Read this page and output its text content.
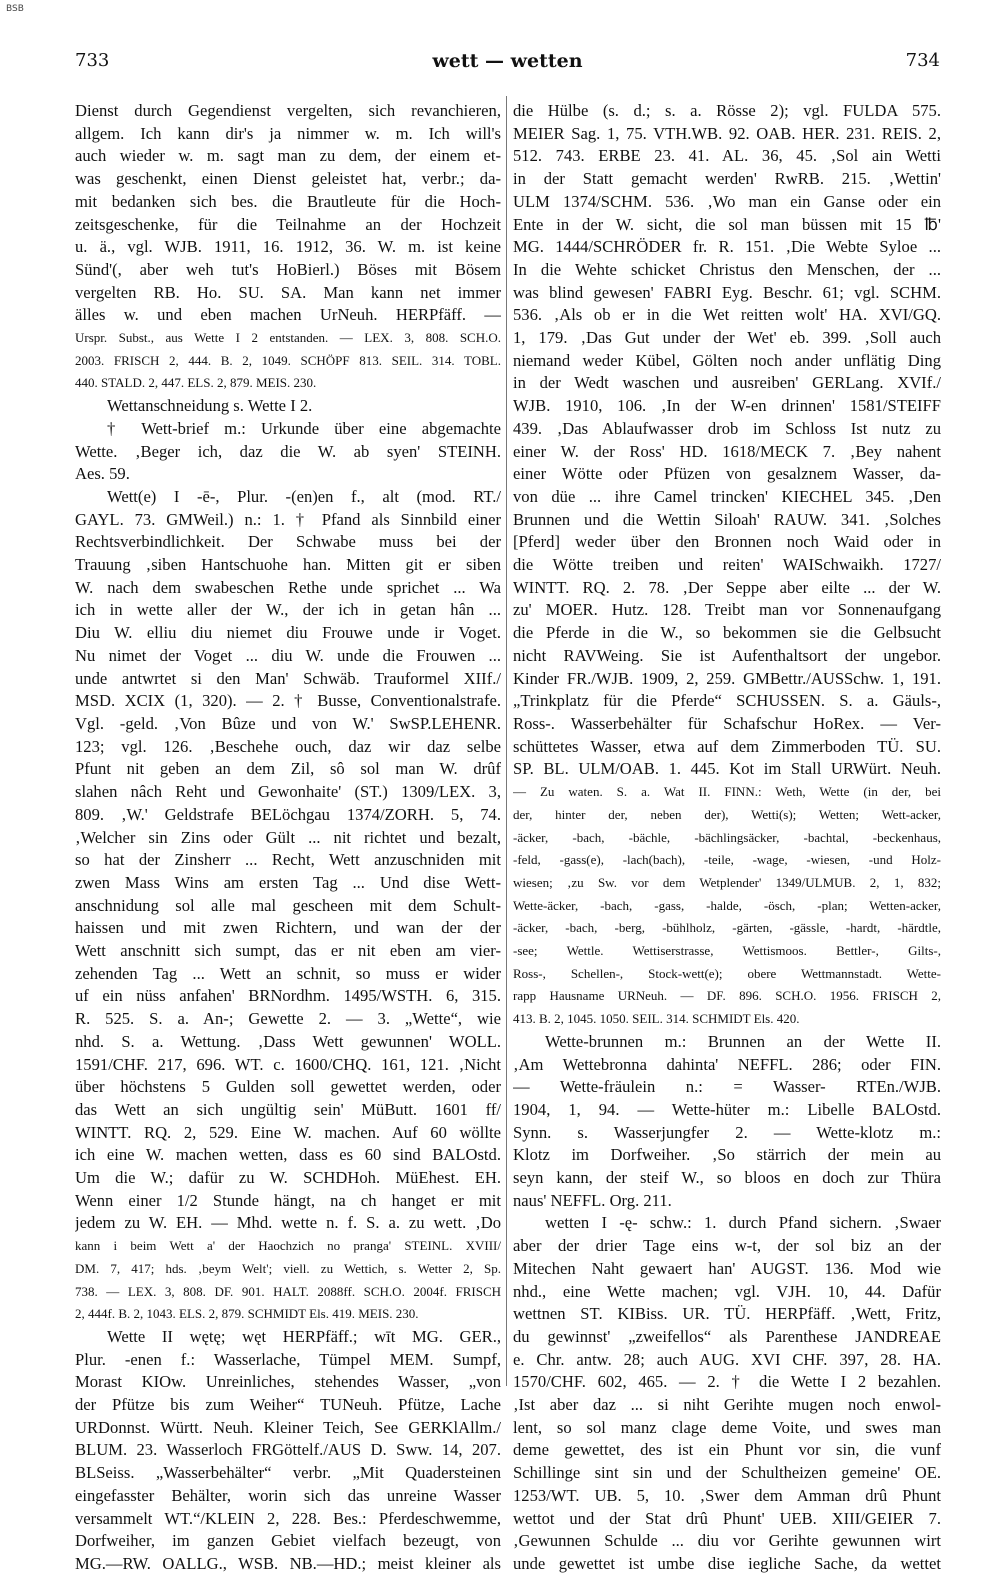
BSB
733	wett — wetten	734
Dienst durch Gegendienst vergelten, sich revanchieren,
allgem. Ich kann dir's ja nimmer w. m. Ich will's
auch wieder w. m. sagt man zu dem, der einem et-
was geschenkt, einen Dienst geleistet hat, verbr.; da-
mit bedanken sich bes. die Brautleute für die Hoch-
zeitsgeschenke, für die Teilnahme an der Hochzeit
u. ä., vgl. WJB. 1911, 16. 1912, 36. W. m. ist keine
Sünd'(, aber weh tut's HoBierl.) Böses mit Bösem
vergelten RB. Ho. SU. SA. Man kann net immer
älles w. und eben machen UrNeuh. HERPfäff. —
Urspr. Subst., aus Wette I 2 entstanden. — LEX. 3, 808. SCH.O.
2003. FRISCH 2, 444. B. 2, 1049. SCHÖPF 813. SEIL. 314. TOBL.
440. STALD. 2, 447. ELS. 2, 879. MEIS. 230.
Wettanschneidung s. Wette I 2.
† Wett-brief m.: Urkunde über eine abgemachte
Wette. ‚Beger ich, daz die W. ab syen' STEINH.
Aes. 59.
Wett(e) I -ē-, Plur. -(en)en f., alt (mod. RT./
GAYL. 73. GMWeil.) n.: 1. † Pfand als Sinnbild einer
Rechtsverbindlichkeit. Der Schwabe muss bei der
Trauung ‚siben Hantschuohe han. Mitten git er siben
W. nach dem swabeschen Rethe unde sprichet ... Wa
ich in wette aller der W., der ich in getan hân ...
Diu W. elliu diu niemet diu Frouwe unde ir Voget.
Nu nimet der Voget ... diu W. unde die Frouwen ...
unde antwrtet si den Man' Schwäb. Trauformel XIIf./
MSD. XCIX (1, 320). — 2. † Busse, Conventionalstrafe.
Vgl. -geld. ‚Von Bûze und von W.' SwSP.LEHENR.
123; vgl. 126. ‚Beschehe ouch, daz wir daz selbe
Pfunt nit geben an dem Zil, sô sol man W. drûf
slahen nâch Reht und Gewonhaite' (ST.) 1309/LEX. 3,
809. ‚W.' Geldstrafe BELöchgau 1374/ZORH. 5, 74.
‚Welcher sin Zins oder Gült ... nit richtet und bezalt,
so hat der Zinsherr ... Recht, Wett anzuschniden mit
zwen Mass Wins am ersten Tag ... Und dise Wett-
anschnidung sol alle mal gescheen mit dem Schult-
haissen und mit zwen Richtern, und wan der der
Wett anschnitt sich sumpt, das er nit eben am vier-
zehenden Tag ... Wett an schnit, so muss er wider
uf ein nüss anfahen' BRNordhm. 1495/WSTH. 6, 315.
R. 525. S. a. An-; Gewette 2. — 3. „Wette“, wie
nhd. S. a. Wettung. ‚Dass Wett gewunnen' WOLL.
1591/CHF. 217, 696. WT. c. 1600/CHQ. 161, 121. ‚Nicht
über höchstens 5 Gulden soll gewettet werden, oder
das Wett an sich ungültig sein' MüButt. 1601 ff/
WINTT. RQ. 2, 529. Eine W. machen. Auf 60 wöllte
ich eine W. machen wetten, dass es 60 sind BALOstd.
Um die W.; dafür zu W. SCHDHoh. MüEhest. EH.
Wenn einer 1/2 Stunde hängt, na ch hanget er mit
jedem zu W. EH. — Mhd. wette n. f. S. a. zu wett. ‚Do
kann i beim Wett a' der Haochzich no pranga' STEINL. XVIII/
DM. 7, 417; hds. ‚beym Welt'; viell. zu Wettich, s. Wetter 2, Sp.
738. — LEX. 3, 808. DF. 901. HALT. 2088ff. SCH.O. 2004f. FRISCH
2, 444f. B. 2, 1043. ELS. 2, 879. SCHMIDT Els. 419. MEIS. 230.
Wette II wętę; węt HERPfäff.; wīt MG. GER.,
Plur. -enen f.: Wasserlache, Tümpel MEM. Sumpf,
Morast KIOw. Unreinliches, stehendes Wasser, „von
der Pfütze bis zum Weiher“ TUNeuh. Pfütze, Lache
URDonnst. Württ. Neuh. Kleiner Teich, See GERKlAllm./
BLUM. 23. Wasserloch FRGöttelf./AUS D. Sww. 14, 207.
BLSeiss. „Wasserbehälter“ verbr. „Mit Quadersteinen
eingefasster Behälter, worin sich das unreine Wasser
versammelt WT.“/KLEIN 2, 228. Bes.: Pferdeschwemme,
Dorfweiher, im ganzen Gebiet vielfach bezeugt, von
MG.—RW. OALLG., WSB. NB.—HD.; meist kleiner als
die Hülbe (s. d.; s. a. Rösse 2); vgl. FULDA 575.
MEIER Sag. 1, 75. VTH.WB. 92. OAB. HER. 231. REIS. 2,
512. 743. ERBE 23. 41. AL. 36, 45. ‚Sol ain Wetti
in der Statt gemacht werden' RwRB. 215. ‚Wettin'
ULM 1374/SCHM. 536. ‚Wo man ein Ganse oder ein
Ente in der W. sicht, die sol man büssen mit 15 ℔'
MG. 1444/SCHRÖDER fr. R. 151. ‚Die Webte Syloe ...
In die Wehte schicket Christus den Menschen, der ...
was blind gewesen' FABRI Eyg. Beschr. 61; vgl. SCHM.
536. ‚Als ob er in die Wet reitten wolt' HA. XVI/GQ.
1, 179. ‚Das Gut under der Wet' eb. 399. ‚Soll auch
niemand weder Kübel, Gölten noch ander unflätig Ding
in der Wedt waschen und ausreiben' GERLang. XVIf./
WJB. 1910, 106. ‚In der W-en drinnen' 1581/STEIFF
439. ‚Das Ablaufwasser drob im Schloss Ist nutz zu
einer W. der Ross' HD. 1618/MECK 7. ‚Bey nahent
einer Wötte oder Pfüzen von gesalznem Wasser, da-
von düe ... ihre Camel trincken' KIECHEL 345. ‚Den
Brunnen und die Wettin Siloah' RAUW. 341. ‚Solches
[Pferd] weder über den Bronnen noch Waid oder in
die Wötte treiben und reiten' WAISchwaikh. 1727/
WINTT. RQ. 2. 78. ‚Der Seppe aber eilte ... der W.
zu' MOER. Hutz. 128. Treibt man vor Sonnenaufgang
die Pferde in die W., so bekommen sie die Gelbsucht
nicht RAVWeing. Sie ist Aufenthaltsort der ungebor.
Kinder FR./WJB. 1909, 2, 259. GMBettr./AUSSchw. 1, 191.
„Trinkplatz für die Pferde“ SCHUSSEN. S. a. Gäuls-,
Ross-. Wasserbehälter für Schafschur HoRex. — Ver-
schüttetes Wasser, etwa auf dem Zimmerboden TÜ. SU.
SP. BL. ULM/OAB. 1. 445. Kot im Stall URWürt. Neuh.
— Zu waten. S. a. Wat II. FINN.: Weth, Wette (in der, bei
der, hinter der, neben der), Wetti(s); Wetten; Wett-acker,
-äcker, -bach, -bächle, -bächlingsäcker, -bachtal, -beckenhaus,
-feld, -gass(e), -lach(bach), -teile, -wage, -wiesen, -und Holz-
wiesen; ‚zu Sw. vor dem Wetplender' 1349/ULMUB. 2, 1, 832;
Wette-äcker, -bach, -gass, -halde, -ösch, -plan; Wetten-acker,
-äcker, -bach, -berg, -bühlholz, -gärten, -gässle, -hardt, -härdtle,
-see; Wettle. Wettiserstrasse, Wettismoos. Bettler-, Gilts-,
Ross-, Schellen-, Stock-wett(e); obere Wettmannstadt. Wette-
rapp Hausname URNeuh. — DF. 896. SCH.O. 1956. FRISCH 2,
413. B. 2, 1045. 1050. SEIL. 314. SCHMIDT Els. 420.
Wette-brunnen m.: Brunnen an der Wette II.
‚Am Wettebronna dahinta' NEFFL. 286; oder FIN.
— Wette-fräulein n.: = Wasser- RTEn./WJB.
1904, 1, 94. — Wette-hüter m.: Libelle BALOstd.
Synn. s. Wasserjungfer 2. — Wette-klotz m.:
Klotz im Dorfweiher. ‚So stärrich der mein au
seyn kann, der steif W., so bloos en doch zur Thüra
naus' NEFFL. Org. 211.
wetten I -ę- schw.: 1. durch Pfand sichern. ‚Swaer
aber der drier Tage eins w-t, der sol biz an der
Mitechen Naht gewaert han' AUGST. 136. Mod wie
nhd., eine Wette machen; vgl. VJH. 10, 44. Dafür
wettnen ST. KIBiss. UR. TÜ. HERPfäff. ‚Wett, Fritz,
du gewinnst' „zweifellos“ als Parenthese JANDREAE
e. Chr. antw. 28; auch AUG. XVI CHF. 397, 28. HA.
1570/CHF. 602, 465. — 2. † die Wette I 2 bezahlen.
‚Ist aber daz ... si niht Gerihte mugen noch enwol-
lent, so sol manz clage deme Voite, und swes man
deme gewettet, des ist ein Phunt vor sin, die vunf
Schillinge sint sin und der Schultheizen gemeine' OE.
1253/WT. UB. 5, 10. ‚Swer dem Amman drû Phunt
wettot und der Stat drû Phunt' UEB. XIII/GEIER 7.
‚Gewunnen Schulde ... diu vor Gerihte gewunnen wirt
unde gewettet ist umbe dise iegliche Sache, da wettet
